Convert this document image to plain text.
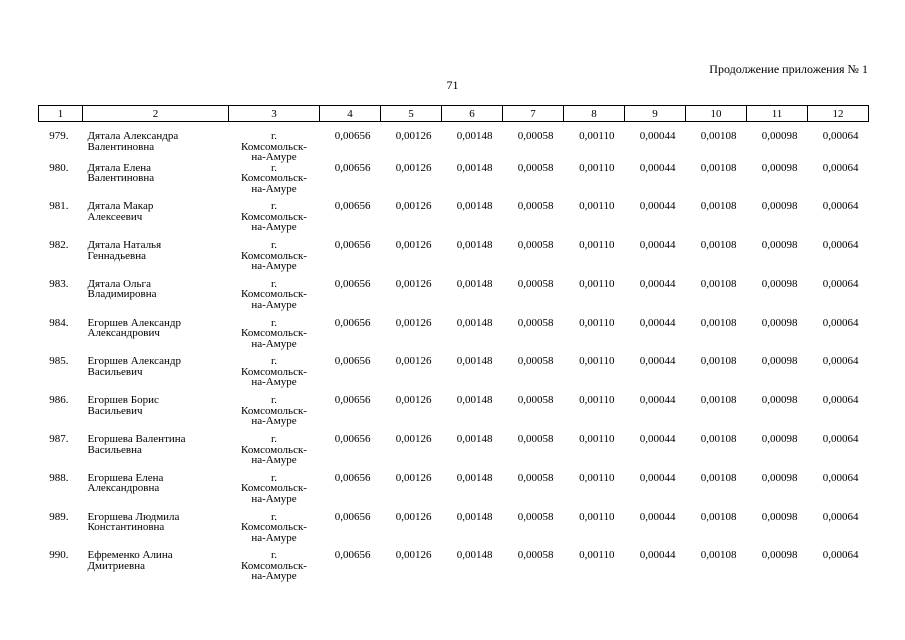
Продолжение приложения № 1
71
1	2	3	4	5	6	7	8	9	10	11	12
979.	Дятала Александра
Валентиновна	г.
Комсомольск-
на-Амуре	0,00656	0,00126	0,00148	0,00058	0,00110	0,00044	0,00108	0,00098	0,00064
980.	Дятала Елена
Валентиновна	г.
Комсомольск-
на-Амуре	0,00656	0,00126	0,00148	0,00058	0,00110	0,00044	0,00108	0,00098	0,00064
981.	Дятала Макар
Алексеевич	г.
Комсомольск-
на-Амуре	0,00656	0,00126	0,00148	0,00058	0,00110	0,00044	0,00108	0,00098	0,00064
982.	Дятала Наталья
Геннадьевна	г.
Комсомольск-
на-Амуре	0,00656	0,00126	0,00148	0,00058	0,00110	0,00044	0,00108	0,00098	0,00064
983.	Дятала Ольга
Владимировна	г.
Комсомольск-
на-Амуре	0,00656	0,00126	0,00148	0,00058	0,00110	0,00044	0,00108	0,00098	0,00064
984.	Егоршев Александр
Александрович	г.
Комсомольск-
на-Амуре	0,00656	0,00126	0,00148	0,00058	0,00110	0,00044	0,00108	0,00098	0,00064
985.	Егоршев Александр
Васильевич	г.
Комсомольск-
на-Амуре	0,00656	0,00126	0,00148	0,00058	0,00110	0,00044	0,00108	0,00098	0,00064
986.	Егоршев Борис
Васильевич	г.
Комсомольск-
на-Амуре	0,00656	0,00126	0,00148	0,00058	0,00110	0,00044	0,00108	0,00098	0,00064
987.	Егоршева Валентина
Васильевна	г.
Комсомольск-
на-Амуре	0,00656	0,00126	0,00148	0,00058	0,00110	0,00044	0,00108	0,00098	0,00064
988.	Егоршева Елена
Александровна	г.
Комсомольск-
на-Амуре	0,00656	0,00126	0,00148	0,00058	0,00110	0,00044	0,00108	0,00098	0,00064
989.	Егоршева Людмила
Константиновна	г.
Комсомольск-
на-Амуре	0,00656	0,00126	0,00148	0,00058	0,00110	0,00044	0,00108	0,00098	0,00064
990.	Ефременко Алина
Дмитриевна	г.
Комсомольск-
на-Амуре	0,00656	0,00126	0,00148	0,00058	0,00110	0,00044	0,00108	0,00098	0,00064
